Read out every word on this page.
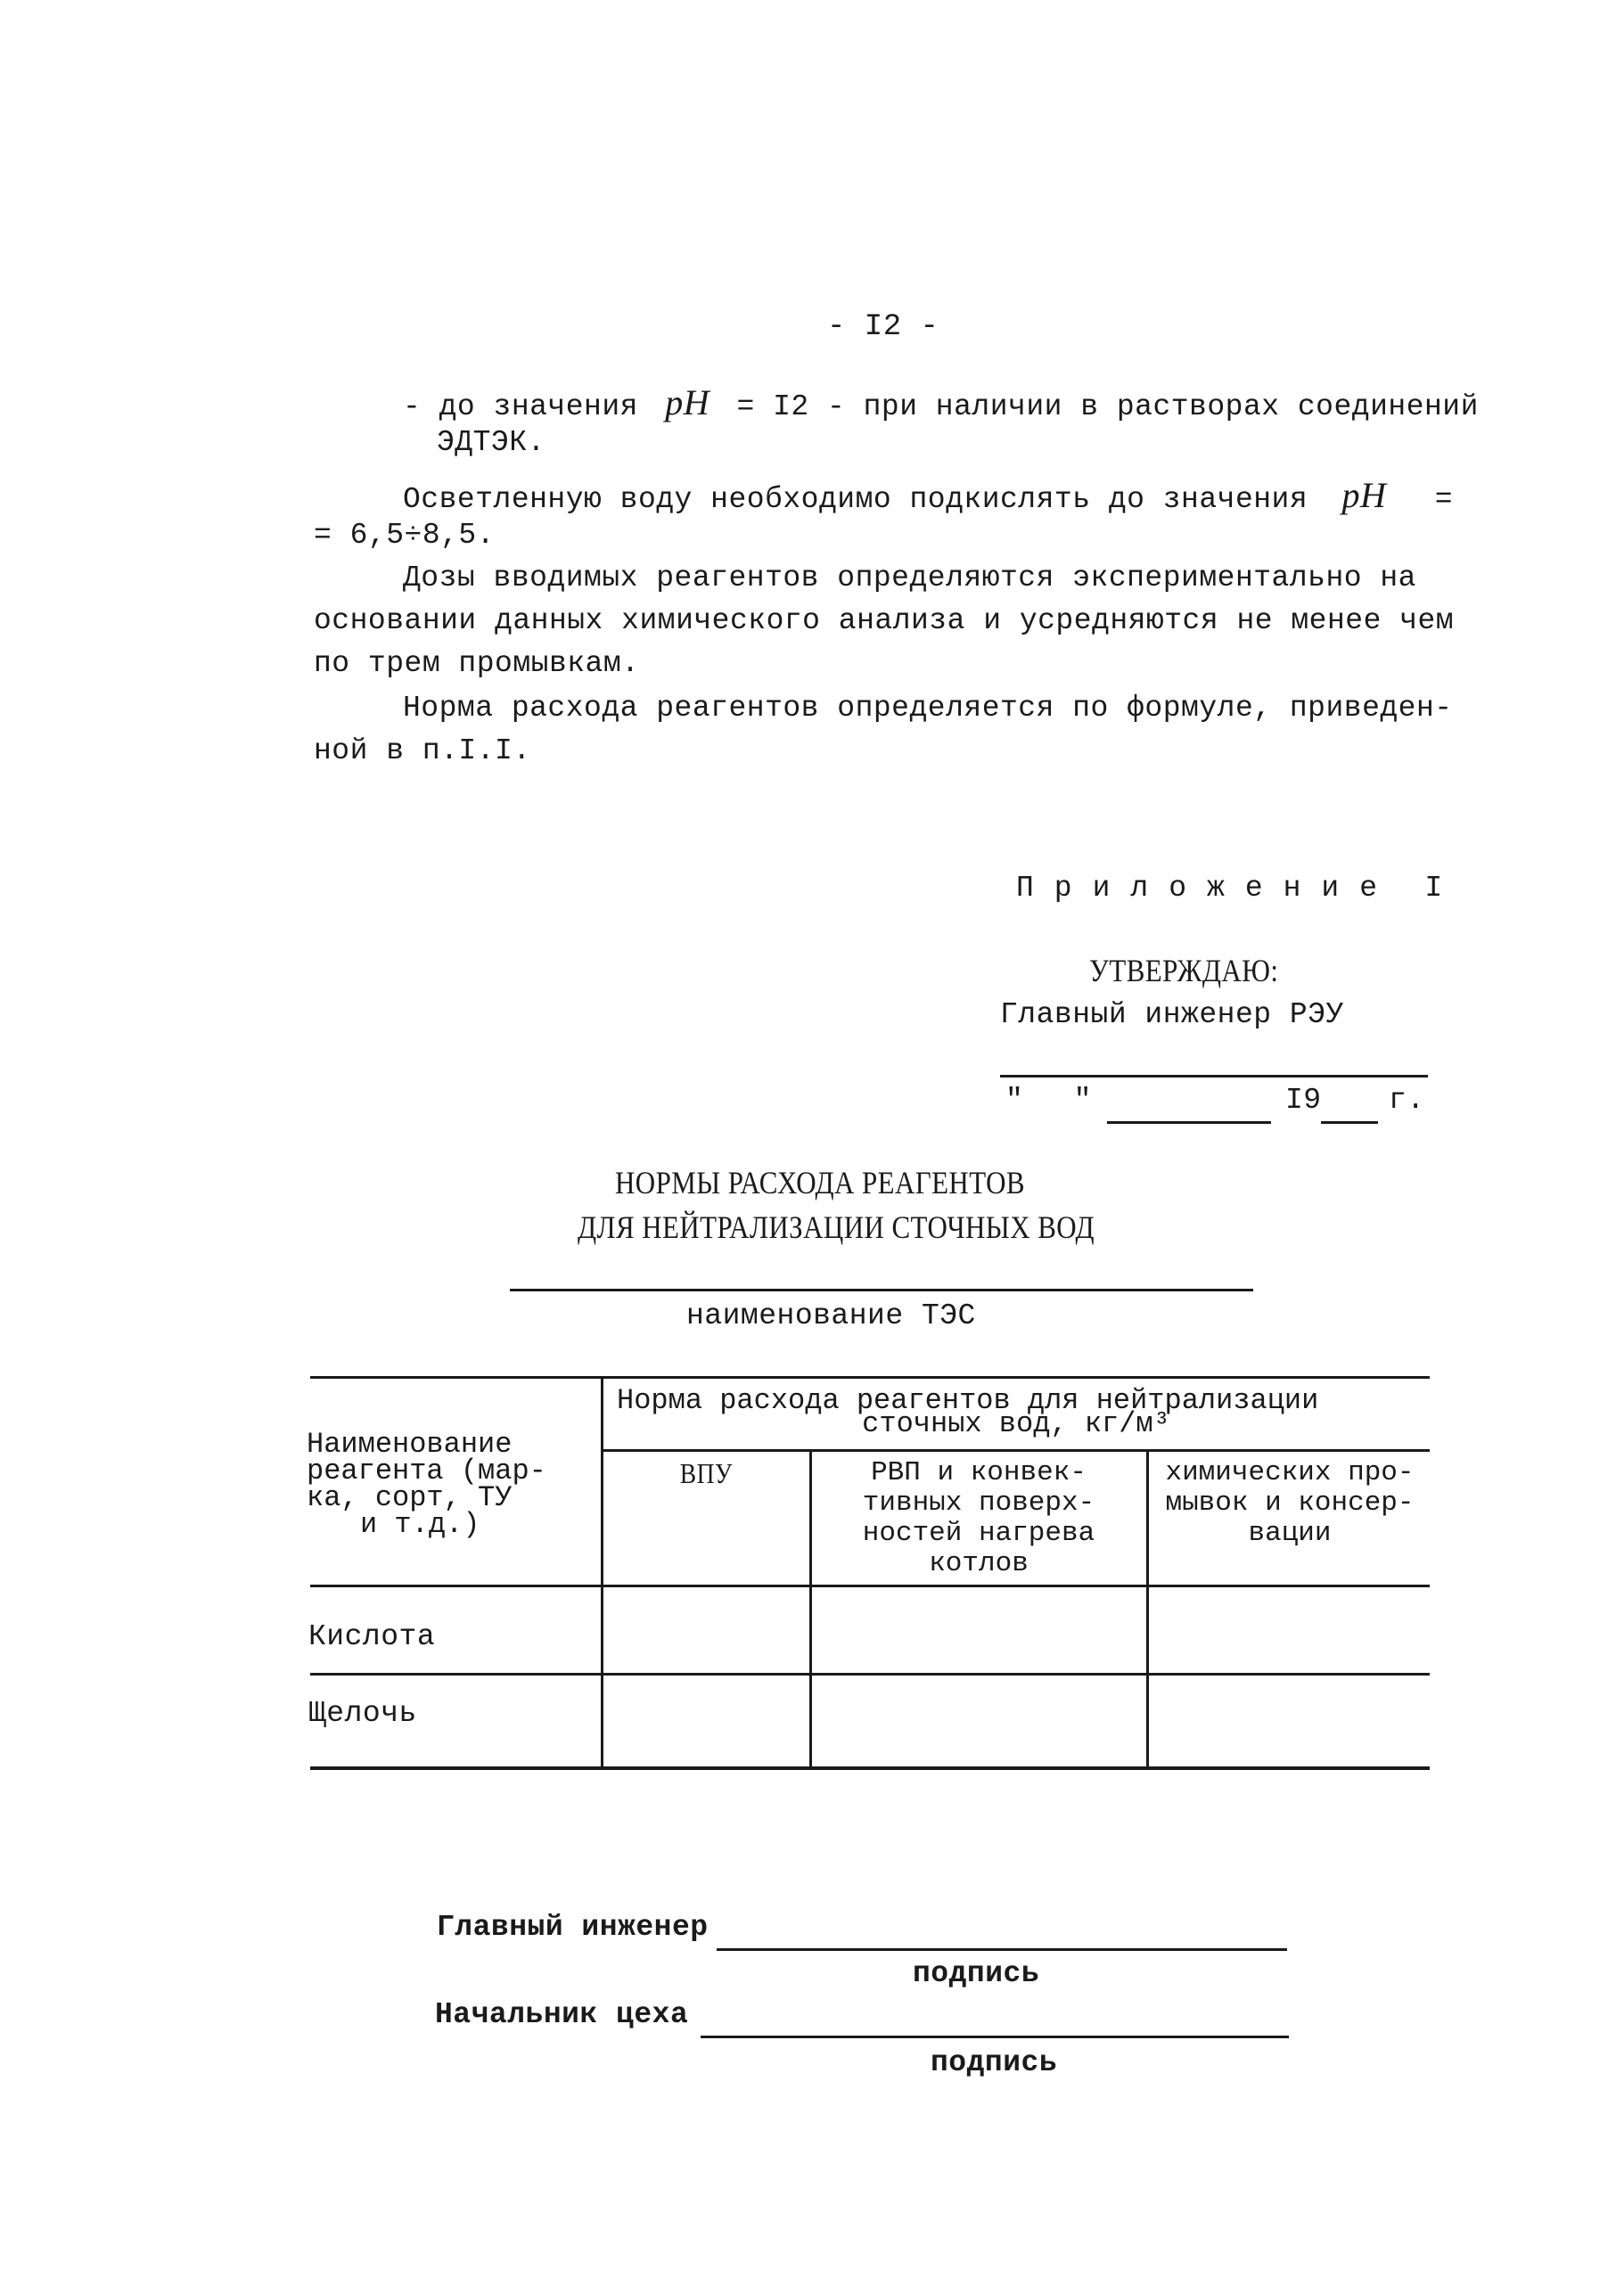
- I2 -
- до значения pH = I2 - при наличии в растворах соединений
ЭДТЭК.
Осветленную воду необходимо подкислять до значения pH =
= 6,5÷8,5.
Дозы вводимых реагентов определяются экспериментально на
основании данных химического анализа и усредняются не менее чем
по трем промывкам.
Норма расхода реагентов определяется по формуле, приведен-
ной в п.I.I.
Приложение I
УТВЕРЖДАЮ:
Главный инженер РЭУ
" "	I9 г.
НОРМЫ РАСХОДА РЕАГЕНТОВ
ДЛЯ НЕЙТРАЛИЗАЦИИ СТОЧНЫХ ВОД
наименование ТЭС
Наименование
реагента (мар-
ка, сорт, ТУ
и т.д.)
Норма расхода реагентов для нейтрализации
сточных вод, кг/м³
ВПУ	РВП и конвек-
тивных поверх-
ностей нагрева
котлов
химических про-
мывок и консер-
вации
Кислота
Щелочь
Главный инженер
подпись
Начальник цеха
подпись
